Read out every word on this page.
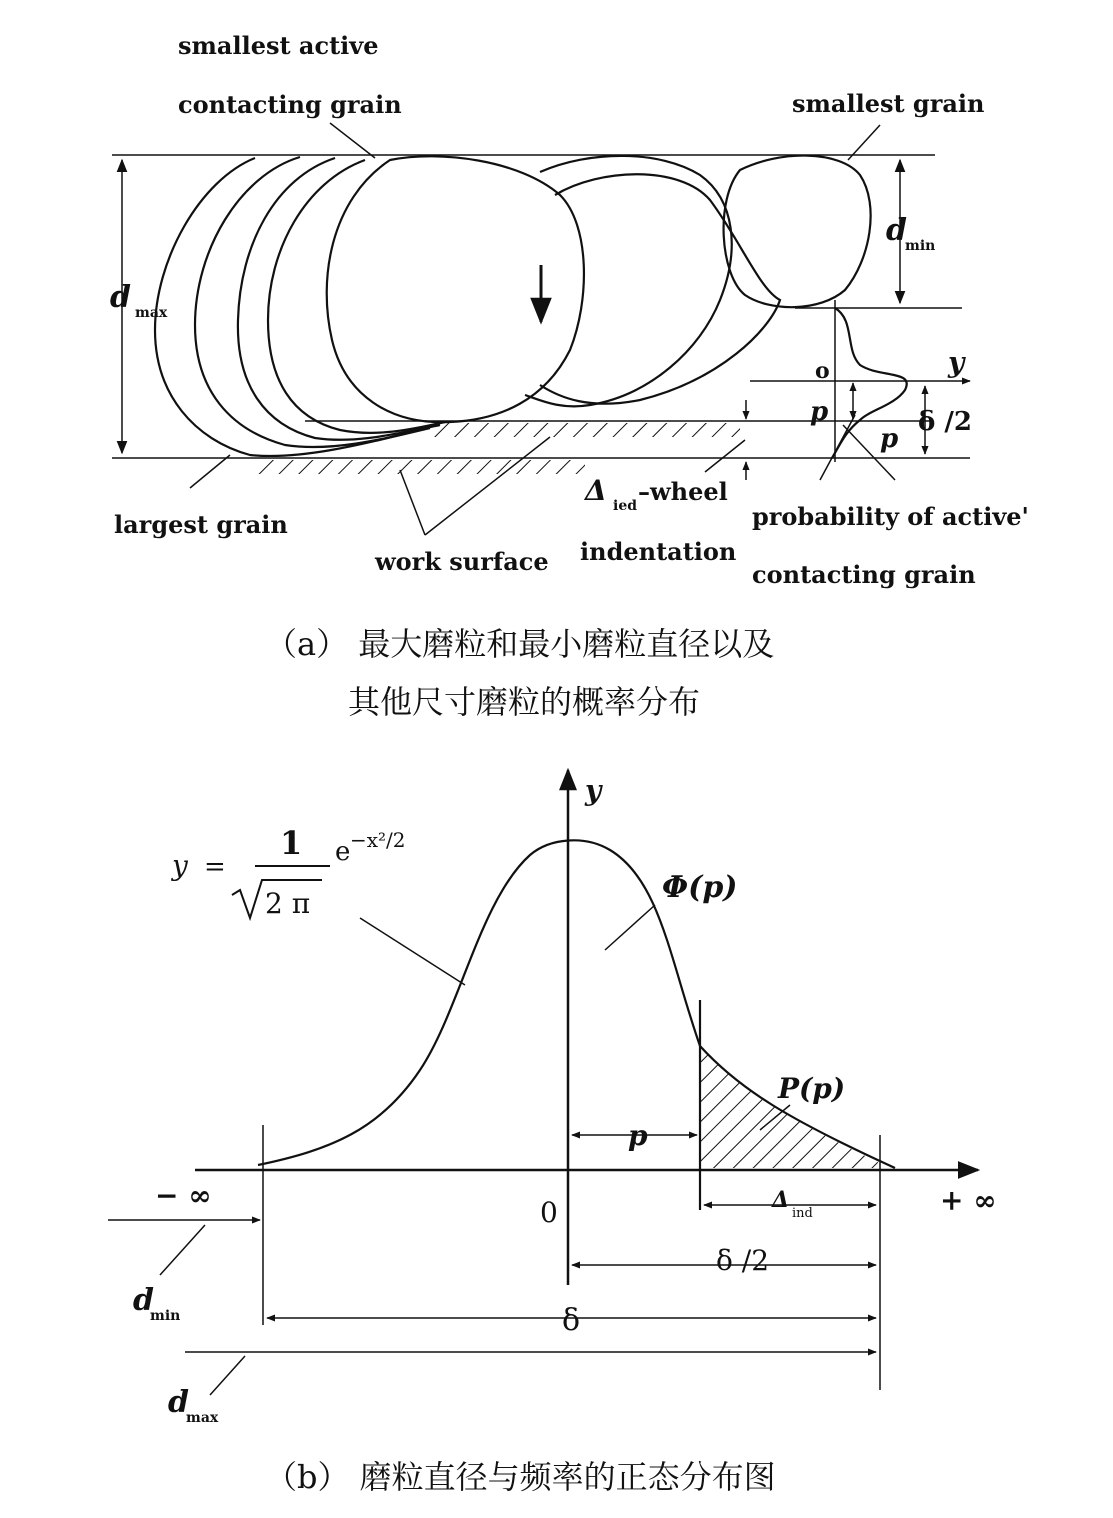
smallest active
contacting grain	smallest grain
d max
d
min
o	y
p
p
δ /2
largest grain
work surface
Δ ied –wheel
indentation
probability of active'
contacting grain
（a） 最大磨粒和最小磨粒直径以及
其他尺寸磨粒的概率分布
y =
1
2 π
e −x²/2
y
Φ(p)
P(p)
p
− ∞	+ ∞
0	Δ
ind
δ /2
δ
d
min
d
max
（b） 磨粒直径与频率的正态分布图
